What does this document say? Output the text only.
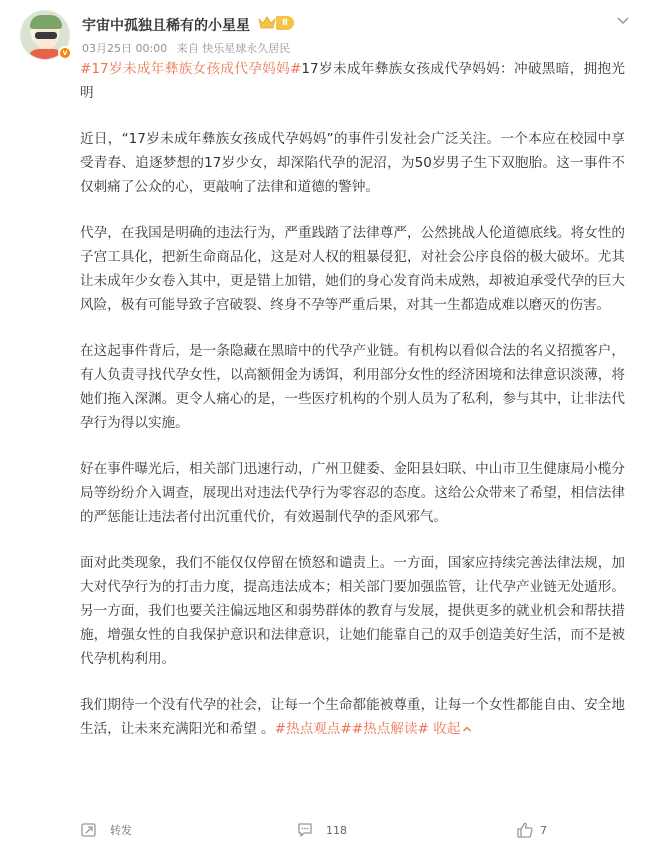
v
宇宙中孤独且稀有的小星星	Ⅱ
03月25日 00:00 来自 快乐星球永久居民

#17岁未成年彝族女孩成代孕妈妈#17岁未成年彝族女孩成代孕妈妈：冲破黑暗，拥抱光明

近日，“17岁未成年彝族女孩成代孕妈妈”的事件引发社会广泛关注。一个本应在校园中享受青春、追逐梦想的17岁少女，却深陷代孕的泥沼，为50岁男子生下双胞胎。这一事件不仅刺痛了公众的心，更敲响了法律和道德的警钟。

代孕，在我国是明确的违法行为，严重践踏了法律尊严，公然挑战人伦道德底线。将女性的子宫工具化，把新生命商品化，这是对人权的粗暴侵犯，对社会公序良俗的极大破坏。尤其让未成年少女卷入其中，更是错上加错，她们的身心发育尚未成熟，却被迫承受代孕的巨大风险，极有可能导致子宫破裂、终身不孕等严重后果，对其一生都造成难以磨灭的伤害。

在这起事件背后，是一条隐藏在黑暗中的代孕产业链。有机构以看似合法的名义招揽客户，有人负责寻找代孕女性，以高额佣金为诱饵，利用部分女性的经济困境和法律意识淡薄，将她们拖入深渊。更令人痛心的是，一些医疗机构的个别人员为了私利，参与其中，让非法代孕行为得以实施。

好在事件曝光后，相关部门迅速行动，广州卫健委、金阳县妇联、中山市卫生健康局小榄分局等纷纷介入调查，展现出对违法代孕行为零容忍的态度。这给公众带来了希望，相信法律的严惩能让违法者付出沉重代价，有效遏制代孕的歪风邪气。

面对此类现象，我们不能仅仅停留在愤怒和谴责上。一方面，国家应持续完善法律法规，加大对代孕行为的打击力度，提高违法成本；相关部门要加强监管，让代孕产业链无处遁形。另一方面，我们也要关注偏远地区和弱势群体的教育与发展，提供更多的就业机会和帮扶措施，增强女性的自我保护意识和法律意识，让她们能靠自己的双手创造美好生活，而不是被代孕机构利用。

我们期待一个没有代孕的社会，让每一个生命都能被尊重，让每一个女性都能自由、安全地生活，让未来充满阳光和希望 。#热点观点##热点解读# 收起

转发	118	7
